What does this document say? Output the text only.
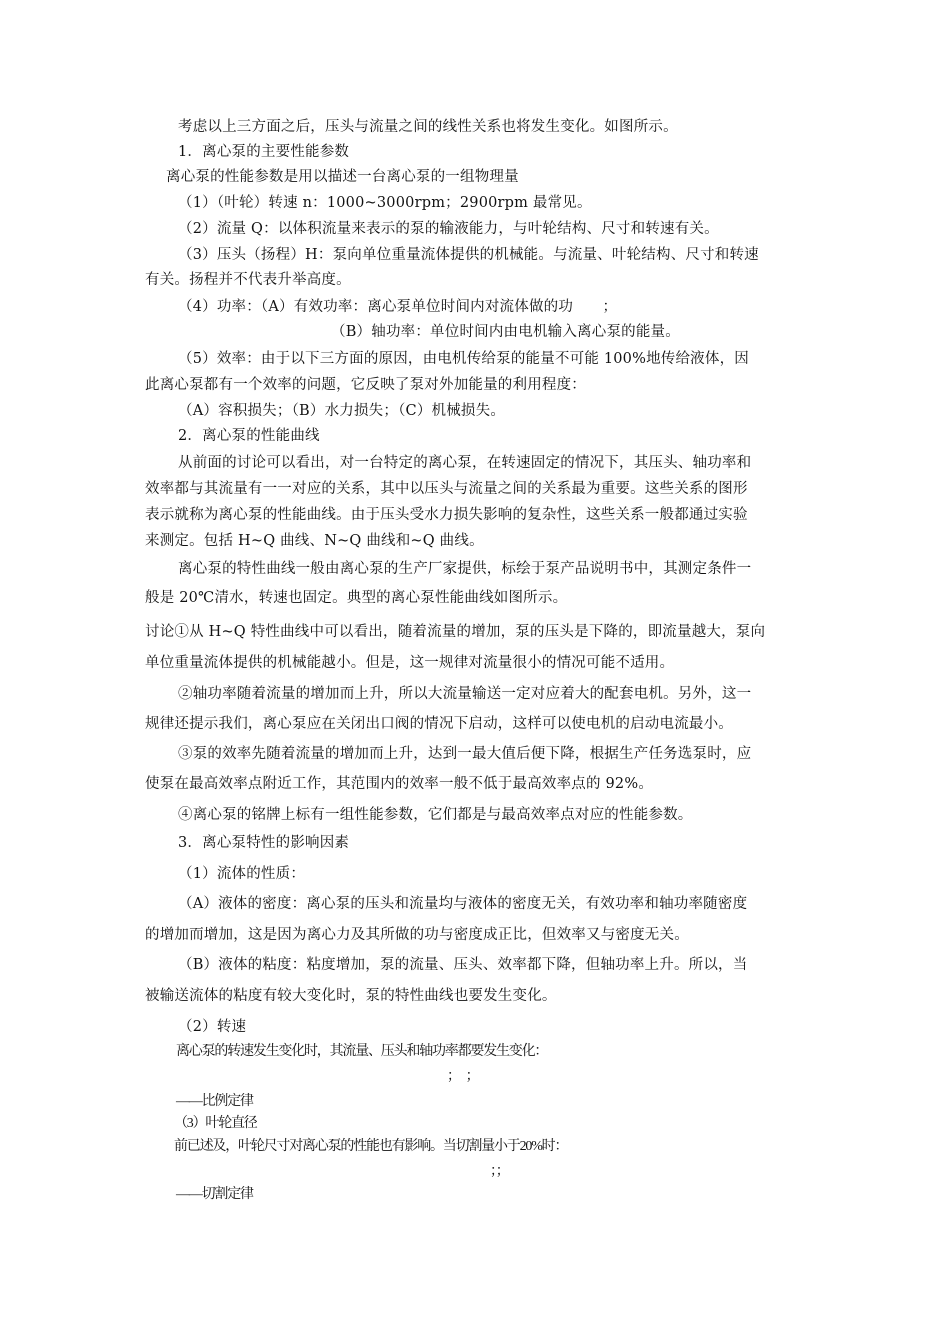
考虑以上三方面之后，压头与流量之间的线性关系也将发生变化。如图所示。
1．离心泵的主要性能参数
离心泵的性能参数是用以描述一台离心泵的一组物理量
（1）（叶轮）转速 n：1000~3000rpm；2900rpm 最常见。
（2）流量 Q：以体积流量来表示的泵的输液能力，与叶轮结构、尺寸和转速有关。
（3）压头（扬程）H：泵向单位重量流体提供的机械能。与流量、叶轮结构、尺寸和转速
有关。扬程并不代表升举高度。
（4）功率：（A）有效功率：离心泵单位时间内对流体做的功　　；
（B）轴功率：单位时间内由电机输入离心泵的能量。
（5）效率：由于以下三方面的原因，由电机传给泵的能量不可能 100%地传给液体，因
此离心泵都有一个效率的问题，它反映了泵对外加能量的利用程度：
（A）容积损失；（B）水力损失；（C）机械损失。
2．离心泵的性能曲线
从前面的讨论可以看出，对一台特定的离心泵，在转速固定的情况下，其压头、轴功率和
效率都与其流量有一一对应的关系，其中以压头与流量之间的关系最为重要。这些关系的图形
表示就称为离心泵的性能曲线。由于压头受水力损失影响的复杂性，这些关系一般都通过实验
来测定。包括 H~Q 曲线、N~Q 曲线和~Q 曲线。
离心泵的特性曲线一般由离心泵的生产厂家提供，标绘于泵产品说明书中，其测定条件一
般是 20℃清水，转速也固定。典型的离心泵性能曲线如图所示。
讨论①从 H~Q 特性曲线中可以看出，随着流量的增加，泵的压头是下降的，即流量越大，泵向
单位重量流体提供的机械能越小。但是，这一规律对流量很小的情况可能不适用。
②轴功率随着流量的增加而上升，所以大流量输送一定对应着大的配套电机。另外，这一
规律还提示我们，离心泵应在关闭出口阀的情况下启动，这样可以使电机的启动电流最小。
③泵的效率先随着流量的增加而上升，达到一最大值后便下降，根据生产任务选泵时，应
使泵在最高效率点附近工作，其范围内的效率一般不低于最高效率点的 92%。
④离心泵的铭牌上标有一组性能参数，它们都是与最高效率点对应的性能参数。
3．离心泵特性的影响因素
（1）流体的性质：
（A）液体的密度：离心泵的压头和流量均与液体的密度无关，有效功率和轴功率随密度
的增加而增加，这是因为离心力及其所做的功与密度成正比，但效率又与密度无关。
（B）液体的粘度：粘度增加，泵的流量、压头、效率都下降，但轴功率上升。所以，当
被输送流体的粘度有较大变化时，泵的特性曲线也要发生变化。
（2）转速
离心泵的转速发生变化时，其流量、压头和轴功率都要发生变化：
；　；
——比例定律
（3）叶轮直径
前已述及，叶轮尺寸对离心泵的性能也有影响。当切割量小于20%时：
；；
——切割定律
